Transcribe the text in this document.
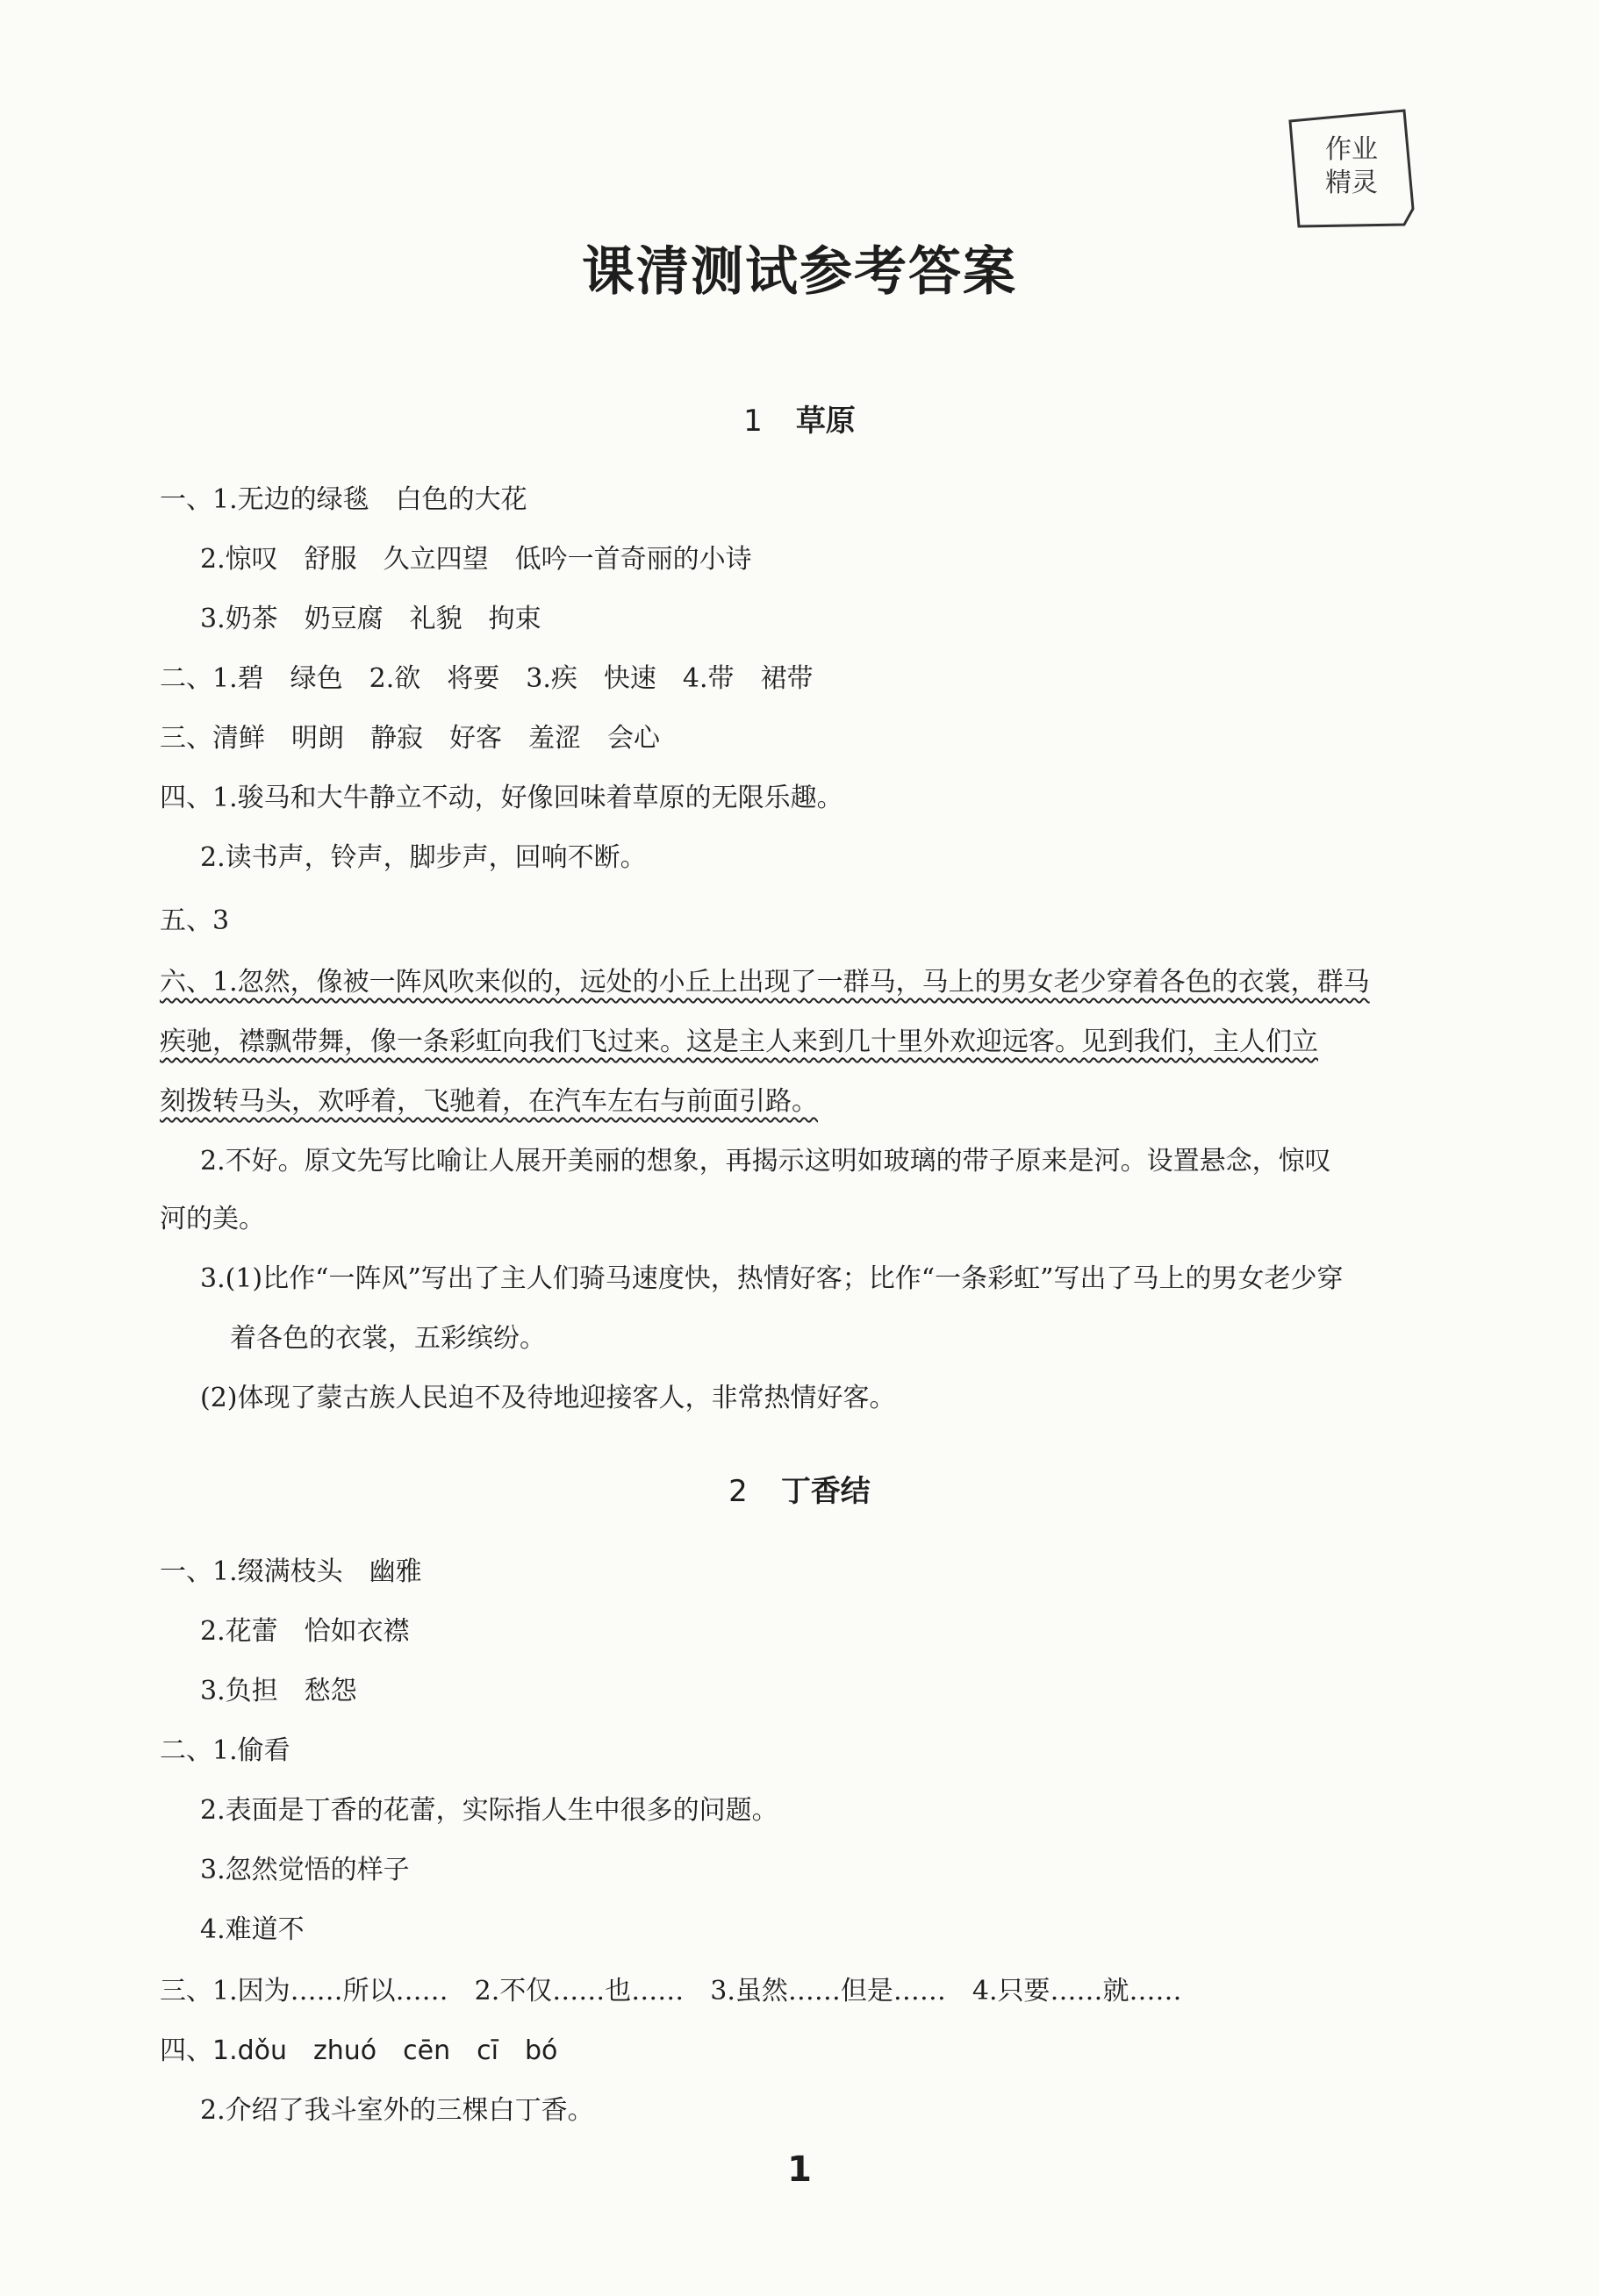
作业
精灵
课清测试参考答案
1 草原
一、1.无边的绿毯　白色的大花
2.惊叹　舒服　久立四望　低吟一首奇丽的小诗
3.奶茶　奶豆腐　礼貌　拘束
二、1.碧　绿色　2.欲　将要　3.疾　快速　4.带　裙带
三、清鲜　明朗　静寂　好客　羞涩　会心
四、1.骏马和大牛静立不动，好像回味着草原的无限乐趣。
2.读书声，铃声，脚步声，回响不断。
五、3
六、1.忽然，像被一阵风吹来似的，远处的小丘上出现了一群马，马上的男女老少穿着各色的衣裳，群马
疾驰，襟飘带舞，像一条彩虹向我们飞过来。这是主人来到几十里外欢迎远客。见到我们，主人们立
刻拨转马头，欢呼着，飞驰着，在汽车左右与前面引路。
2.不好。原文先写比喻让人展开美丽的想象，再揭示这明如玻璃的带子原来是河。设置悬念，惊叹
河的美。
3.(1)比作“一阵风”写出了主人们骑马速度快，热情好客；比作“一条彩虹”写出了马上的男女老少穿
着各色的衣裳，五彩缤纷。
(2)体现了蒙古族人民迫不及待地迎接客人，非常热情好客。
2 丁香结
一、1.缀满枝头　幽雅
2.花蕾　恰如衣襟
3.负担　愁怨
二、1.偷看
2.表面是丁香的花蕾，实际指人生中很多的问题。
3.忽然觉悟的样子
4.难道不
三、1.因为……所以……　2.不仅……也……　3.虽然……但是……　4.只要……就……
四、1.dǒu　zhuó　cēn　cī　bó
2.介绍了我斗室外的三棵白丁香。
1
